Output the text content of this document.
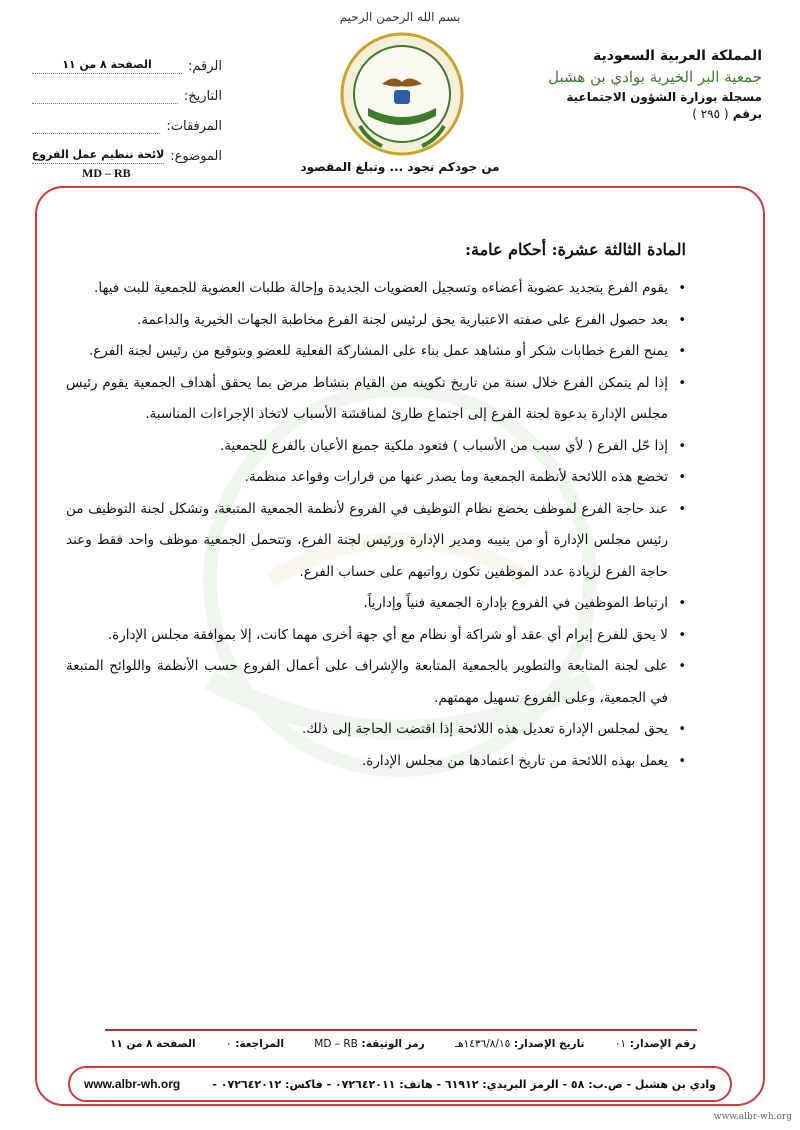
بسم الله الرحمن الرحيم
من جودكم نجود ... وتبلغ المقصود
المملكة العربية السعودية
جمعية البر الخيرية بوادي بن هشبل
مسجلة بوزارة الشؤون الاجتماعية
برقم ( ٢٩٥ )
الرقم:
الصفحة ٨ من ١١
التاريخ:
المرفقات:
الموضوع:
لائحة تنظيم عمل الفروع
MD – RB
المادة الثالثة عشرة: أحكام عامة:
• يقوم الفرع بتجديد عضوية أعضاءه وتسجيل العضويات الجديدة وإحالة طلبات العضوية للجمعية للبت فيها.
• بعد حصول الفرع على صفته الاعتبارية يحق لرئيس لجنة الفرع مخاطبة الجهات الخيرية والداعمة.
• يمنح الفرع خطابات شكر أو مشاهد عمل بناء على المشاركة الفعلية للعضو وبتوقيع من رئيس لجنة الفرع.
• إذا لم يتمكن الفرع خلال سنة من تاريخ تكوينه من القيام بنشاط مرض بما يحقق أهداف الجمعية يقوم رئيس مجلس الإدارة بدعوة لجنة الفرع إلى اجتماع طارئ لمناقشة الأسباب لاتخاذ الإجراءات المناسبة.
• إذا حّل الفرع ( لأي سبب من الأسباب ) فتعود ملكية جميع الأعيان بالفرع للجمعية.
• تخضع هذه اللائحة لأنظمة الجمعية وما يصدر عنها من قرارات وقواعد منظمة.
• عند حاجة الفرع لموظف يخضع نظام التوظيف في الفروع لأنظمة الجمعية المتبعة، وتشكل لجنة التوظيف من رئيس مجلس الإدارة أو من ينيبه ومدير الإدارة ورئيس لجنة الفرع، وتتحمل الجمعية موظف واحد فقط وعند حاجة الفرع لزيادة عدد الموظفين تكون رواتبهم على حساب الفرع.
• ارتباط الموظفين في الفروع بإدارة الجمعية فنياً وإدارياً.
• لا يحق للفرع إبرام أي عقد أو شراكة أو نظام مع أي جهة أخرى مهما كانت، إلا بموافقة مجلس الإدارة.
• على لجنة المتابعة والتطوير بالجمعية المتابعة والإشراف على أعمال الفروع حسب الأنظمة واللوائح المتبعة في الجمعية، وعلى الفروع تسهيل مهمتهم.
• يحق لمجلس الإدارة تعديل هذه اللائحة إذا اقتضت الحاجة إلى ذلك.
• يعمل بهذه اللائحة من تاريخ اعتمادها من مجلس الإدارة.
رقم الإصدار: ٠١
تاريخ الإصدار: ١٤٣٦/٨/١٥هـ
رمز الوثيقة: MD – RB
المراجعة: ٠
الصفحة ٨ من ١١
وادي بن هشبل - ص.ب: ٥٨ - الرمز البريدي: ٦١٩١٢ - هاتف: ٠٧٢٦٤٢٠١١ - فاكس: ٠٧٢٦٤٢٠١٢ -
www.albr-wh.org
www.albr-wh.org
